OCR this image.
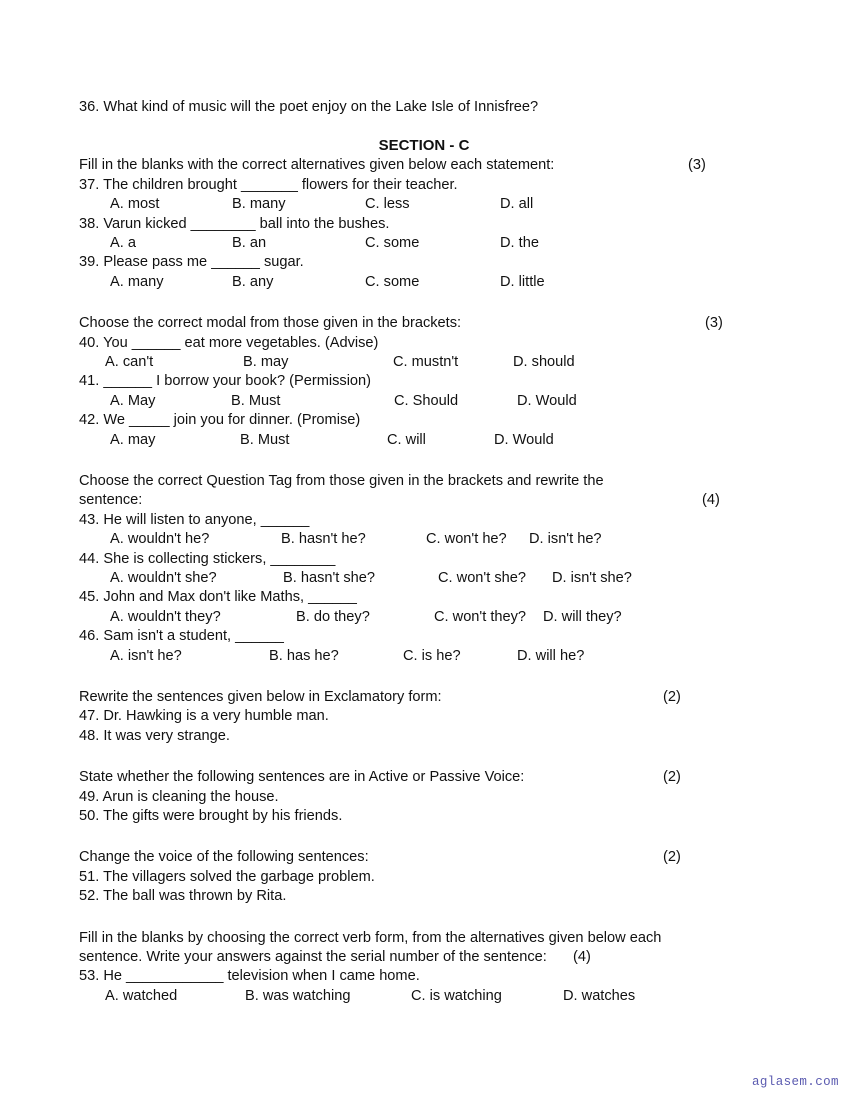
36. What kind of music will the poet enjoy on the Lake Isle of Innisfree?
SECTION - C
Fill in the blanks with the correct alternatives given below each statement:	(3)
37. The children brought _______ flowers for their teacher.
A. most	B. many	C. less	D. all
38. Varun kicked ________ ball into the bushes.
A. a	B. an	C. some	D. the
39. Please pass me ______ sugar.
A. many	B. any	C. some	D. little
Choose the correct modal from those given in the brackets:	(3)
40. You ______ eat more vegetables. (Advise)
A. can't	B. may	C. mustn't	D. should
41. ______ I borrow your book? (Permission)
A. May	B. Must	C. Should	D. Would
42. We _____ join you for dinner. (Promise)
A. may	B. Must	C. will	D. Would
Choose the correct Question Tag from those given in the brackets and rewrite the
sentence:	(4)
43. He will listen to anyone, ______
A. wouldn't he?	B. hasn't he?	C. won't he? D. isn't he?
44. She is collecting stickers, ________
A. wouldn't she?	B. hasn't she?	C. won't she? D. isn't she?
45. John and Max don't like Maths, ______
A. wouldn't they?	B. do they?	C. won't they? D. will they?
46. Sam isn't a student, ______
A. isn't he?	B. has he?	C. is he?	D. will he?
Rewrite the sentences given below in Exclamatory form:	(2)
47. Dr. Hawking is a very humble man.
48. It was very strange.
State whether the following sentences are in Active or Passive Voice:	(2)
49. Arun is cleaning the house.
50. The gifts were brought by his friends.
Change the voice of the following sentences:	(2)
51. The villagers solved the garbage problem.
52. The ball was thrown by Rita.
Fill in the blanks by choosing the correct verb form, from the alternatives given below each
sentence. Write your answers against the serial number of the sentence: (4)
53. He ____________ television when I came home.
A. watched	B. was watching	C. is watching	D. watches
aglasem.com
